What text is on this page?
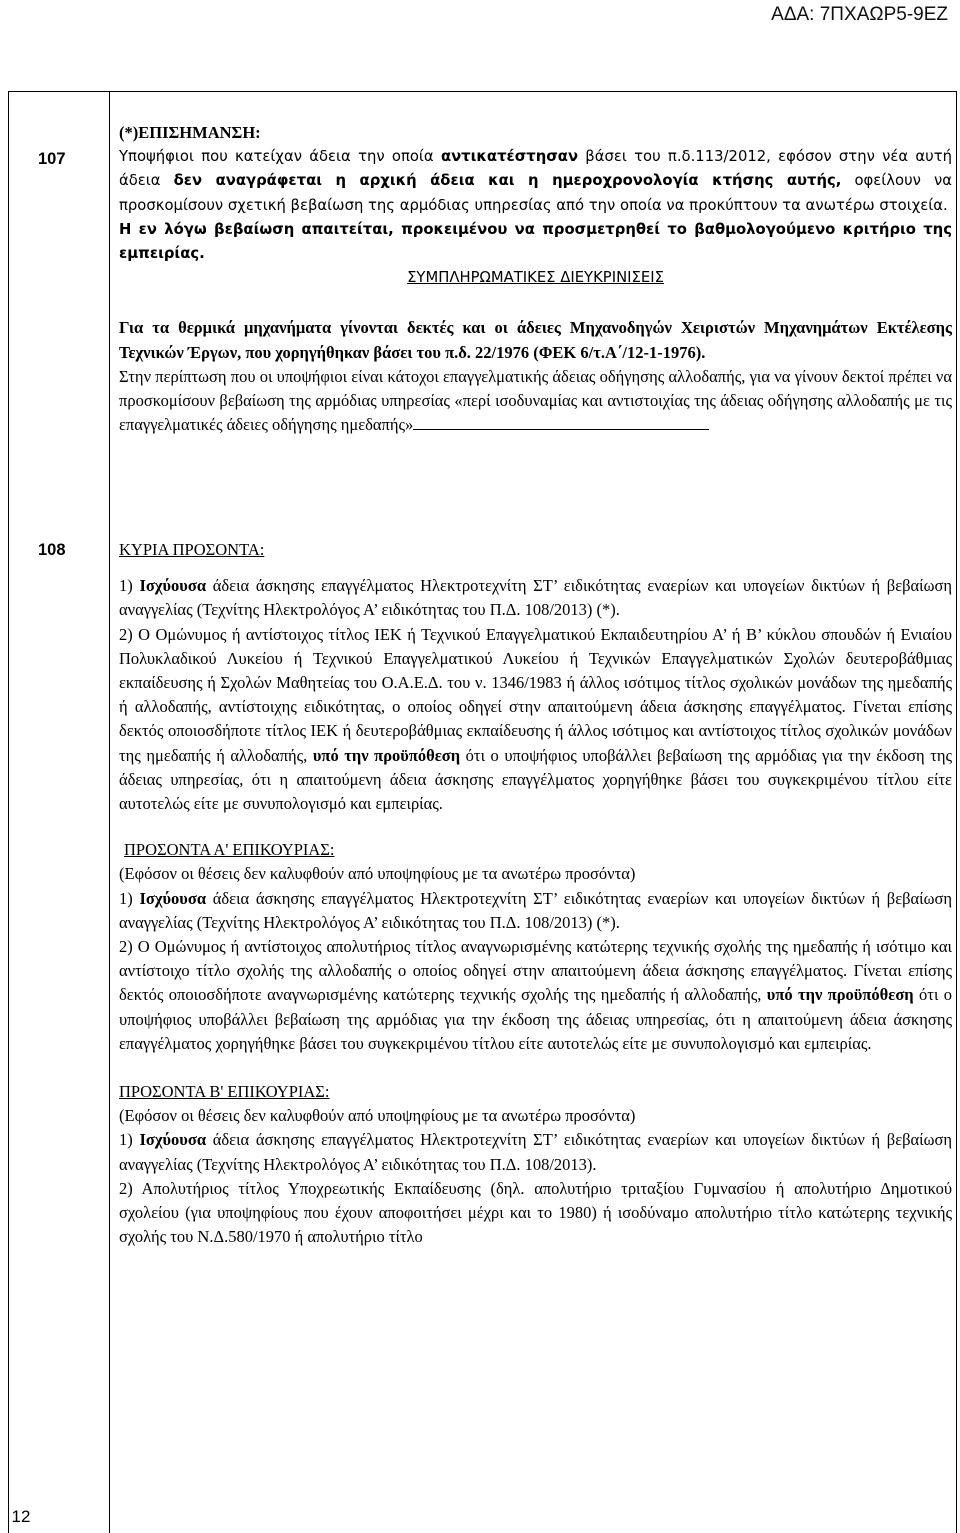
ΑΔΑ: 7ΠΧΑΩΡ5-9ΕΖ
107

(*)ΕΠΙΣΗΜΑΝΣΗ:

Υποψήφιοι που κατείχαν άδεια την οποία αντικατέστησαν βάσει του π.δ.113/2012, εφόσον στην νέα αυτή άδεια δεν αναγράφεται η αρχική άδεια και η ημερoχρονολογία κτήσης αυτής, οφείλουν να προσκομίσουν σχετική βεβαίωση της αρμόδιας υπηρεσίας από την οποία να προκύπτουν τα ανωτέρω στοιχεία.

Η εν λόγω βεβαίωση απαιτείται, προκειμένου να προσμετρηθεί το βαθμολογούμενο κριτήριο της εμπειρίας.

ΣΥΜΠΛΗΡΩΜΑΤΙΚΕΣ ΔΙΕΥΚΡΙΝΙΣΕΙΣ

Για τα θερμικά μηχανήματα γίνονται δεκτές και οι άδειες Μηχανοδηγών Χειριστών Μηχανημάτων Εκτέλεσης Τεχνικών Έργων, που χορηγήθηκαν βάσει του π.δ. 22/1976 (ΦΕΚ 6/τ.Α΄/12-1-1976).

Στην περίπτωση που οι υποψήφιοι είναι κάτοχοι επαγγελματικής άδειας οδήγησης αλλοδαπής, για να γίνουν δεκτοί πρέπει να προσκομίσουν βεβαίωση της αρμόδιας υπηρεσίας «περί ισοδυναμίας και αντιστοιχίας της άδειας οδήγησης αλλοδαπής με τις επαγγελματικές άδειες οδήγησης ημεδαπής»

108	ΚΥΡΙΑ ΠΡΟΣΟΝΤΑ:

1) Ισχύουσα άδεια άσκησης επαγγέλματος Ηλεκτροτεχνίτη ΣΤ’ ειδικότητας εναερίων και υπογείων δικτύων ή βεβαίωση αναγγελίας (Τεχνίτης Ηλεκτρολόγος Α’ ειδικότητας του Π.Δ. 108/2013) (*).

2) Ο Ομώνυμος ή αντίστοιχος τίτλος ΙΕΚ ή Τεχνικού Επαγγελματικού Εκπαιδευτηρίου Α’ ή Β’ κύκλου σπουδών ή Ενιαίου Πολυκλαδικού Λυκείου ή Τεχνικού Επαγγελματικού Λυκείου ή Τεχνικών Επαγγελματικών Σχολών δευτεροβάθμιας εκπαίδευσης ή Σχολών Μαθητείας του Ο.Α.Ε.Δ. του ν. 1346/1983 ή άλλος ισότιμος τίτλος σχολικών μονάδων της ημεδαπής ή αλλοδαπής, αντίστοιχης ειδικότητας, ο οποίος οδηγεί στην απαιτούμενη άδεια άσκησης επαγγέλματος. Γίνεται επίσης δεκτός οποιοσδήποτε τίτλος ΙΕΚ ή δευτεροβάθμιας εκπαίδευσης ή άλλος ισότιμος και αντίστοιχος τίτλος σχολικών μονάδων της ημεδαπής ή αλλοδαπής, υπό την προϋπόθεση ότι ο υποψήφιος υποβάλλει βεβαίωση της αρμόδιας για την έκδοση της άδειας υπηρεσίας, ότι η απαιτούμενη άδεια άσκησης επαγγέλματος χορηγήθηκε βάσει του συγκεκριμένου τίτλου είτε αυτοτελώς είτε με συνυπολογισμό και εμπειρίας.

ΠΡΟΣΟΝΤΑ Α' ΕΠΙΚΟΥΡΙΑΣ:

(Εφόσον οι θέσεις δεν καλυφθούν από υποψηφίους με τα ανωτέρω προσόντα)

1) Ισχύουσα άδεια άσκησης επαγγέλματος Ηλεκτροτεχνίτη ΣΤ’ ειδικότητας εναερίων και υπογείων δικτύων ή βεβαίωση αναγγελίας (Τεχνίτης Ηλεκτρολόγος Α’ ειδικότητας του Π.Δ. 108/2013) (*).

2) Ο Ομώνυμος ή αντίστοιχος απολυτήριος τίτλος αναγνωρισμένης κατώτερης τεχνικής σχολής της ημεδαπής ή ισότιμο και αντίστοιχο τίτλο σχολής της αλλοδαπής ο οποίος οδηγεί στην απαιτούμενη άδεια άσκησης επαγγέλματος. Γίνεται επίσης δεκτός οποιοσδήποτε αναγνωρισμένης κατώτερης τεχνικής σχολής της ημεδαπής ή αλλοδαπής, υπό την προϋπόθεση ότι ο υποψήφιος υποβάλλει βεβαίωση της αρμόδιας για την έκδοση της άδειας υπηρεσίας, ότι η απαιτούμενη άδεια άσκησης επαγγέλματος χορηγήθηκε βάσει του συγκεκριμένου τίτλου είτε αυτοτελώς είτε με συνυπολογισμό και εμπειρίας.

ΠΡΟΣΟΝΤΑ Β' ΕΠΙΚΟΥΡΙΑΣ:

(Εφόσον οι θέσεις δεν καλυφθούν από υποψηφίους με τα ανωτέρω προσόντα)

1) Ισχύουσα άδεια άσκησης επαγγέλματος Ηλεκτροτεχνίτη ΣΤ’ ειδικότητας εναερίων και υπογείων δικτύων ή βεβαίωση αναγγελίας (Τεχνίτης Ηλεκτρολόγος Α’ ειδικότητας του Π.Δ. 108/2013).

2) Απολυτήριος τίτλος Υποχρεωτικής Εκπαίδευσης (δηλ. απολυτήριο τριταξίου Γυμνασίου ή απολυτήριο Δημοτικού σχολείου (για υποψηφίους που έχουν αποφοιτήσει μέχρι και το 1980) ή ισοδύναμο απολυτήριο τίτλο κατώτερης τεχνικής σχολής του Ν.Δ.580/1970 ή απολυτήριο τίτλο

12
